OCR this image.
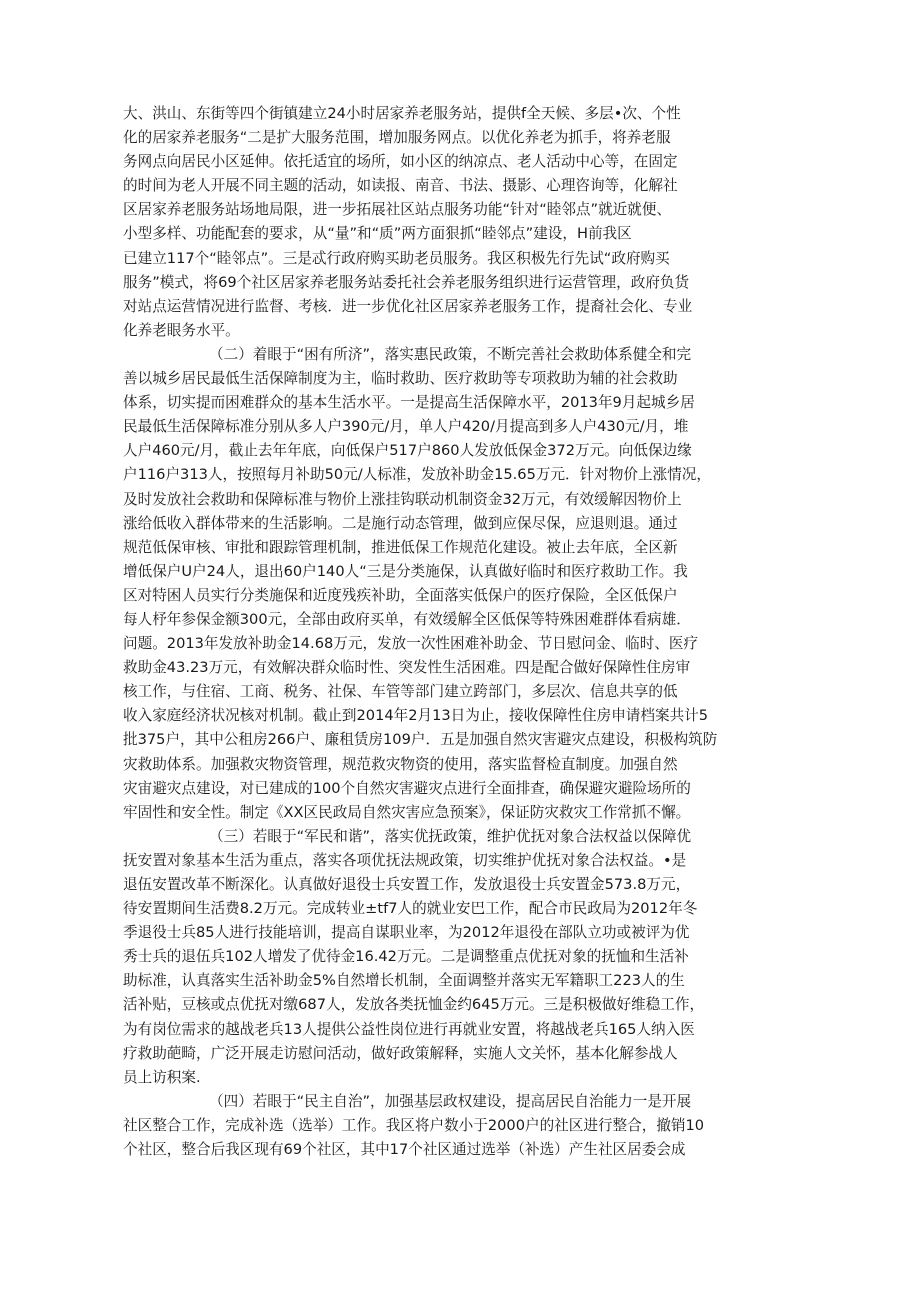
大、洪山、东街等四个街镇建立24小时居家养老服务站，提供f全天候、多层•次、个性
化的居家养老服务“二是扩大服务范围，增加服务网点。以优化养老为抓手，将养老服
务网点向居民小区延伸。依托适宜的场所，如小区的纳凉点、老人活动中心等，在固定
的时间为老人开展不同主题的活动，如读报、南音、书法、摄影、心理咨询等，化解社
区居家养老服务站场地局限，进一步拓展社区站点服务功能“针对“睦邻点”就近就便、
小型多样、功能配套的要求，从“量”和“质”两方面狠抓“睦邻点”建设，H前我区
已建立117个“睦邻点”。三是忒行政府购买助老员服务。我区积极先行先试“政府购买
服务”模式，将69个社区居家养老服务站委托社会养老服务组织进行运营管理，政府负货
对站点运营情况进行监督、考核．进一步优化社区居家养老服务工作，提裔社会化、专业
化养老眼务水平。
（二）着眼于“困有所济”，落实惠民政策，不断完善社会救助体系健全和完
善以城乡居民最低生活保障制度为主，临时救助、医疗救助等专项救助为辅的社会救助
体系，切实提而困难群众的基本生活水平。一是提高生活保障水平，2013年9月起城乡居
民最低生活保障标准分别从多人户390元/月，单人户420/月提高到多人户430元/月，堆
人户460元/月，截止去年年底，向低保户517户860人发放低保金372万元。向低保边缘
户116户313人，按照每月补助50元/人标准，发放补助金15.65万元．针对物价上涨情况，
及时发放社会救助和保障标准与物价上涨挂钩联动机制资金32万元，有效缓解因物价上
涨给低收入群体带来的生活影响。二是施行动态管理，做到应保尽保，应退则退。通过
规范低保审核、审批和跟踪管理机制，推进低保工作规范化建设。被止去年底，全区新
增低保户U户24人，退出60户140人“三是分类施保，认真做好临时和医疗救助工作。我
区对特困人员实行分类施保和近度残疾补助，全面落实低保户的医疗保险，全区低保户
每人杼年参保金额300元，全部由政府买单，有效缓解全区低保等特殊困难群体看病雄．
问题。2013年发放补助金14.68万元，发放一次性困难补助金、节日慰问金、临时、医疗
救助金43.23万元，有效解决群众临时性、突发性生活困难。四是配合做好保障性住房审
核工作，与住宿、工商、税务、社保、车管等部门建立跨部门，多层次、信息共享的低
收入家庭经济状况核对机制。截止到2014年2月13日为止，接收保障性住房申请档案共计5
批375户，其中公租房266户、廉租赁房109户．五是加强自然灾害避灾点建设，积极构筑防
灾救助体系。加强救灾物资管理，规范救灾物资的使用，落实监督检直制度。加强自然
灾宙避灾点建设，对已建成的100个自然灾害避灾点进行全面排查，确保避灾避险场所的
牢固性和安全性。制定《XX区民政局自然灾害应急预案》，保证防灾救灾工作常抓不懈。
（三）若眼于“军民和谐”，落实优抚政策，维护优抚对象合法权益以保障优
抚安置对象基本生活为重点，落实各项优抚法规政策，切实维护优抚对象合法权益。•是
退伍安置改革不断深化。认真做好退役士兵安置工作，发放退役士兵安置金573.8万元，
待安置期间生活费8.2万元。完成转业±tf7人的就业安巴工作，配合市民政局为2012年冬
季退役士兵85人进行技能培训，提高自谋职业率，为2012年退役在部队立功或被评为优
秀士兵的退伍兵102人增发了优待金16.42万元。二是调整重点优抚对象的抚恤和生活补
助标准，认真落实生活补助金5%自然增长机制，全面调整并落实无军籍职工223人的生
活补贴，豆核或点优抚对缴687人，发放各类抚恤金约645万元。三是积极做好维稳工作，
为有岗位需求的越战老兵13人提供公益性岗位进行再就业安置，将越战老兵165人纳入医
疗救助葩畸，广泛开展走访慰问活动，做好政策解释，实施人文关怀，基本化解参战人
员上访积案.
（四）若眼于“民主自治”，加强基层政权建设，提高居民自治能力一是开展
社区整合工作，完成补选（选举）工作。我区将户数小于2000户的社区进行整合，撤销10
个社区，整合后我区现有69个社区，其中17个社区通过选举（补选）产生社区居委会成
